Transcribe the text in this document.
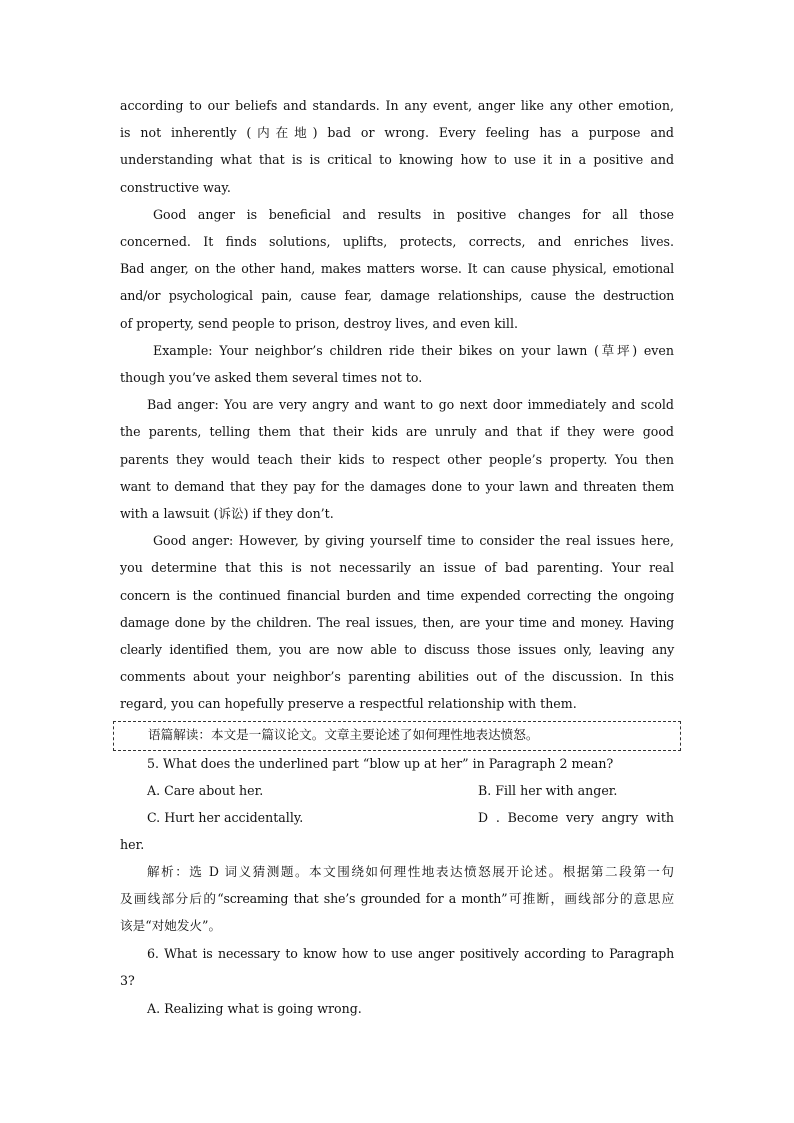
according to our beliefs and standards. In any event, anger like any other emotion,
is not inherently (内在地) bad or wrong. Every feeling has a purpose and
understanding what that is is critical to knowing how to use it in a positive and
constructive way.
Good anger is beneficial and results in positive changes for all those
concerned. It finds solutions, uplifts, protects, corrects, and enriches lives.
Bad anger, on the other hand, makes matters worse. It can cause physical, emotional
and/or psychological pain, cause fear, damage relationships, cause the destruction
of property, send people to prison, destroy lives, and even kill.
Example: Your neighbor’s children ride their bikes on your lawn (草坪) even
though you’ve asked them several times not to.
Bad anger: You are very angry and want to go next door immediately and scold
the parents, telling them that their kids are unruly and that if they were good
parents they would teach their kids to respect other people’s property. You then
want to demand that they pay for the damages done to your lawn and threaten them
with a lawsuit (诉讼) if they don’t.
Good anger: However, by giving yourself time to consider the real issues here,
you determine that this is not necessarily an issue of bad parenting. Your real
concern is the continued financial burden and time expended correcting the ongoing
damage done by the children. The real issues, then, are your time and money. Having
clearly identified them, you are now able to discuss those issues only, leaving any
comments about your neighbor’s parenting abilities out of the discussion. In this
regard, you can hopefully preserve a respectful relationship with them.
语篇解读：本文是一篇议论文。文章主要论述了如何理性地表达愤怒。
5. What does the underlined part “blow up at her” in Paragraph 2 mean?
A. Care about her.	B. Fill her with anger.
C. Hurt her accidentally.	D . Become very angry with
her.
解析：选 D 词义猜测题。本文围绕如何理性地表达愤怒展开论述。根据第二段第一句
及画线部分后的“screaming that she’s grounded for a month”可推断，画线部分的意思应
该是“对她发火”。
6. What is necessary to know how to use anger positively according to Paragraph
3?
A. Realizing what is going wrong.
